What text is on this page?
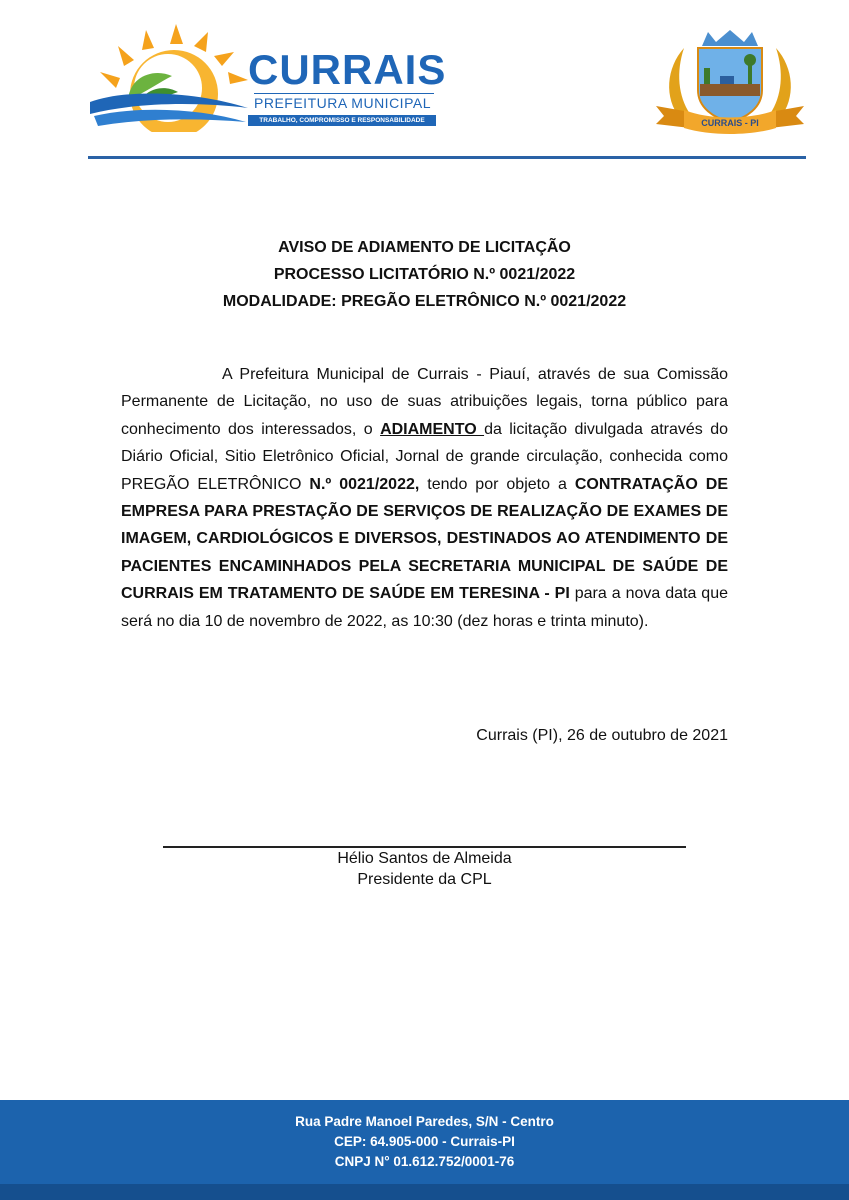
CURRAIS
PREFEITURA MUNICIPAL
TRABALHO, COMPROMISSO E RESPONSABILIDADE	CURRAIS - PI
AVISO DE ADIAMENTO DE LICITAÇÃO
PROCESSO LICITATÓRIO N.º 0021/2022
MODALIDADE: PREGÃO ELETRÔNICO N.º 0021/2022
A Prefeitura Municipal de Currais - Piauí, através de sua Comissão Permanente de Licitação, no uso de suas atribuições legais, torna público para conhecimento dos interessados, o ADIAMENTO da licitação divulgada através do Diário Oficial, Sitio Eletrônico Oficial, Jornal de grande circulação, conhecida como PREGÃO ELETRÔNICO N.º 0021/2022, tendo por objeto a CONTRATAÇÃO DE EMPRESA PARA PRESTAÇÃO DE SERVIÇOS DE REALIZAÇÃO DE EXAMES DE IMAGEM, CARDIOLÓGICOS E DIVERSOS, DESTINADOS AO ATENDIMENTO DE PACIENTES ENCAMINHADOS PELA SECRETARIA MUNICIPAL DE SAÚDE DE CURRAIS EM TRATAMENTO DE SAÚDE EM TERESINA - PI para a nova data que será no dia 10 de novembro de 2022, as 10:30 (dez horas e trinta minuto).
Currais (PI), 26 de outubro de 2021
Hélio Santos de Almeida
Presidente da CPL
Rua Padre Manoel Paredes, S/N - Centro
CEP: 64.905-000 - Currais-PI
CNPJ N° 01.612.752/0001-76
